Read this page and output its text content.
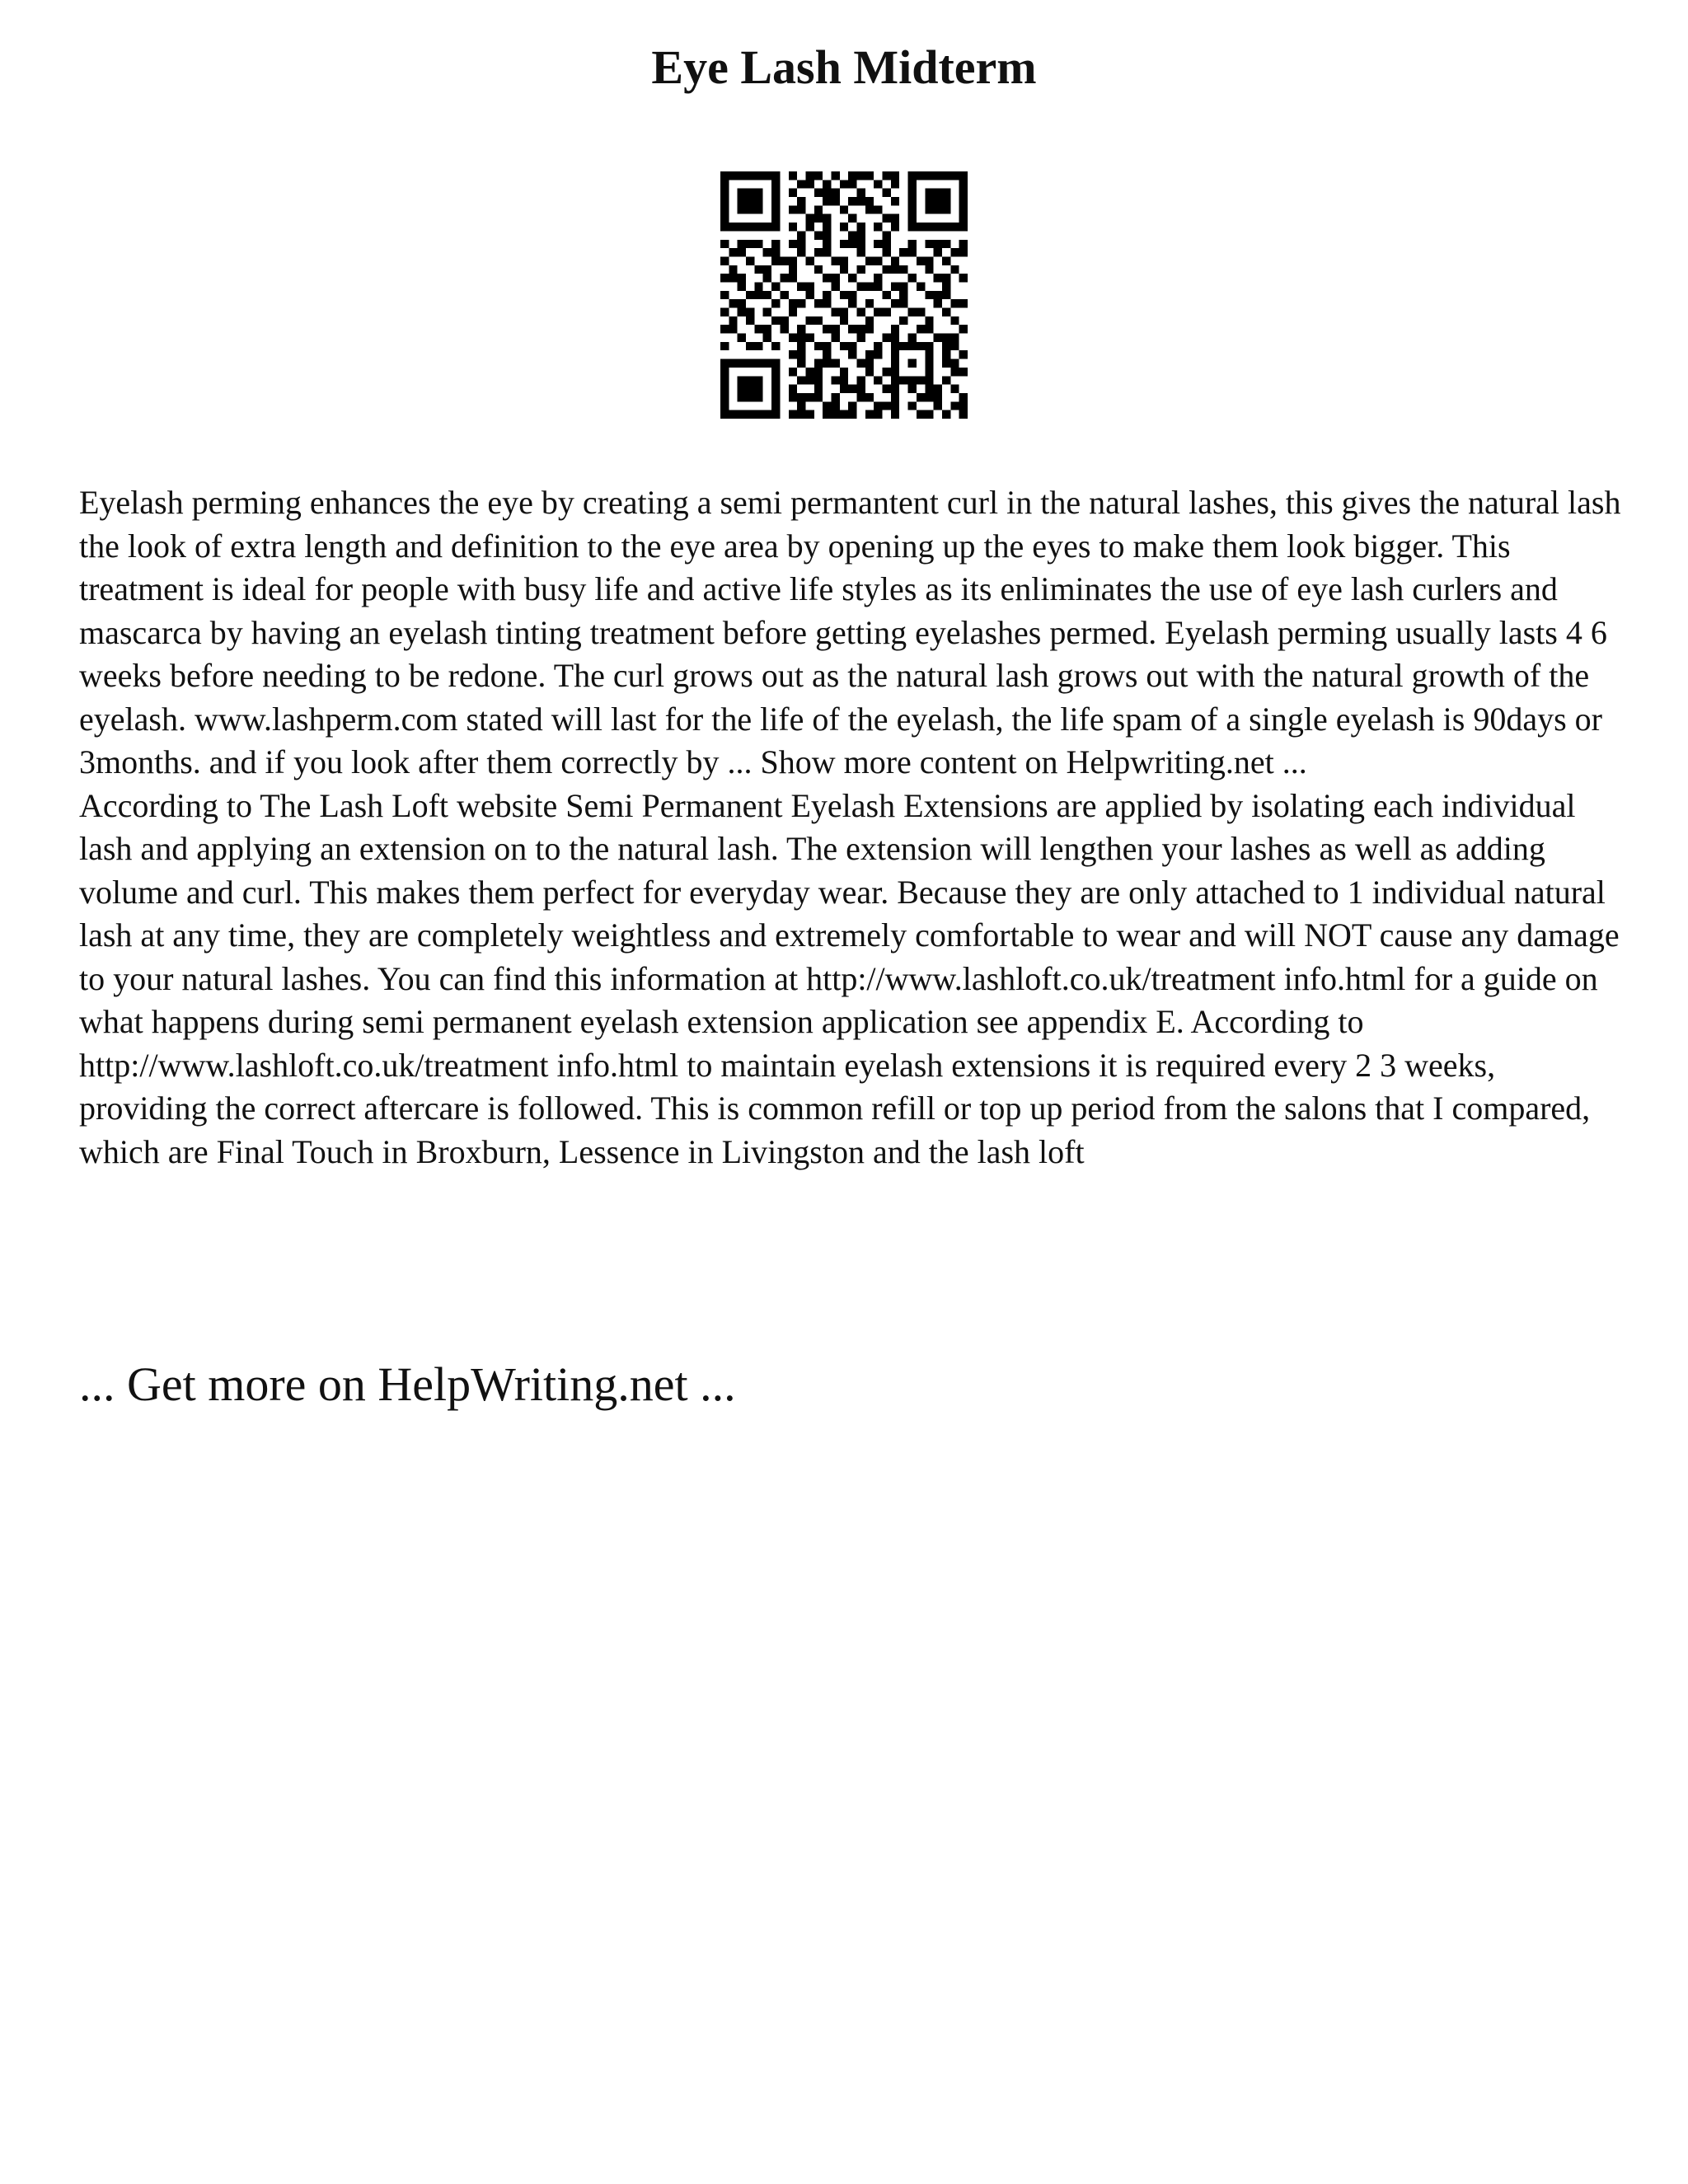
Eye Lash Midterm

Eyelash perming enhances the eye by creating a semi permantent curl in the natural lashes, this gives the natural lash the look of extra length and definition to the eye area by opening up the eyes to make them look bigger. This treatment is ideal for people with busy life and active life styles as its enliminates the use of eye lash curlers and mascarca by having an eyelash tinting treatment before getting eyelashes permed. Eyelash perming usually lasts 4 6 weeks before needing to be redone. The curl grows out as the natural lash grows out with the natural growth of the eyelash. www.lashperm.com stated will last for the life of the eyelash, the life spam of a single eyelash is 90days or 3months. and if you look after them correctly by ... Show more content on Helpwriting.net ...

According to The Lash Loft website Semi Permanent Eyelash Extensions are applied by isolating each individual lash and applying an extension on to the natural lash. The extension will lengthen your lashes as well as adding volume and curl. This makes them perfect for everyday wear. Because they are only attached to 1 individual natural lash at any time, they are completely weightless and extremely comfortable to wear and will NOT cause any damage to your natural lashes. You can find this information at http://www.lashloft.co.uk/treatment info.html for a guide on what happens during semi permanent eyelash extension application see appendix E. According to http://www.lashloft.co.uk/treatment info.html to maintain eyelash extensions it is required every 2 3 weeks, providing the correct aftercare is followed. This is common refill or top up period from the salons that I compared, which are Final Touch in Broxburn, Lessence in Livingston and the lash loft

... Get more on HelpWriting.net ...
